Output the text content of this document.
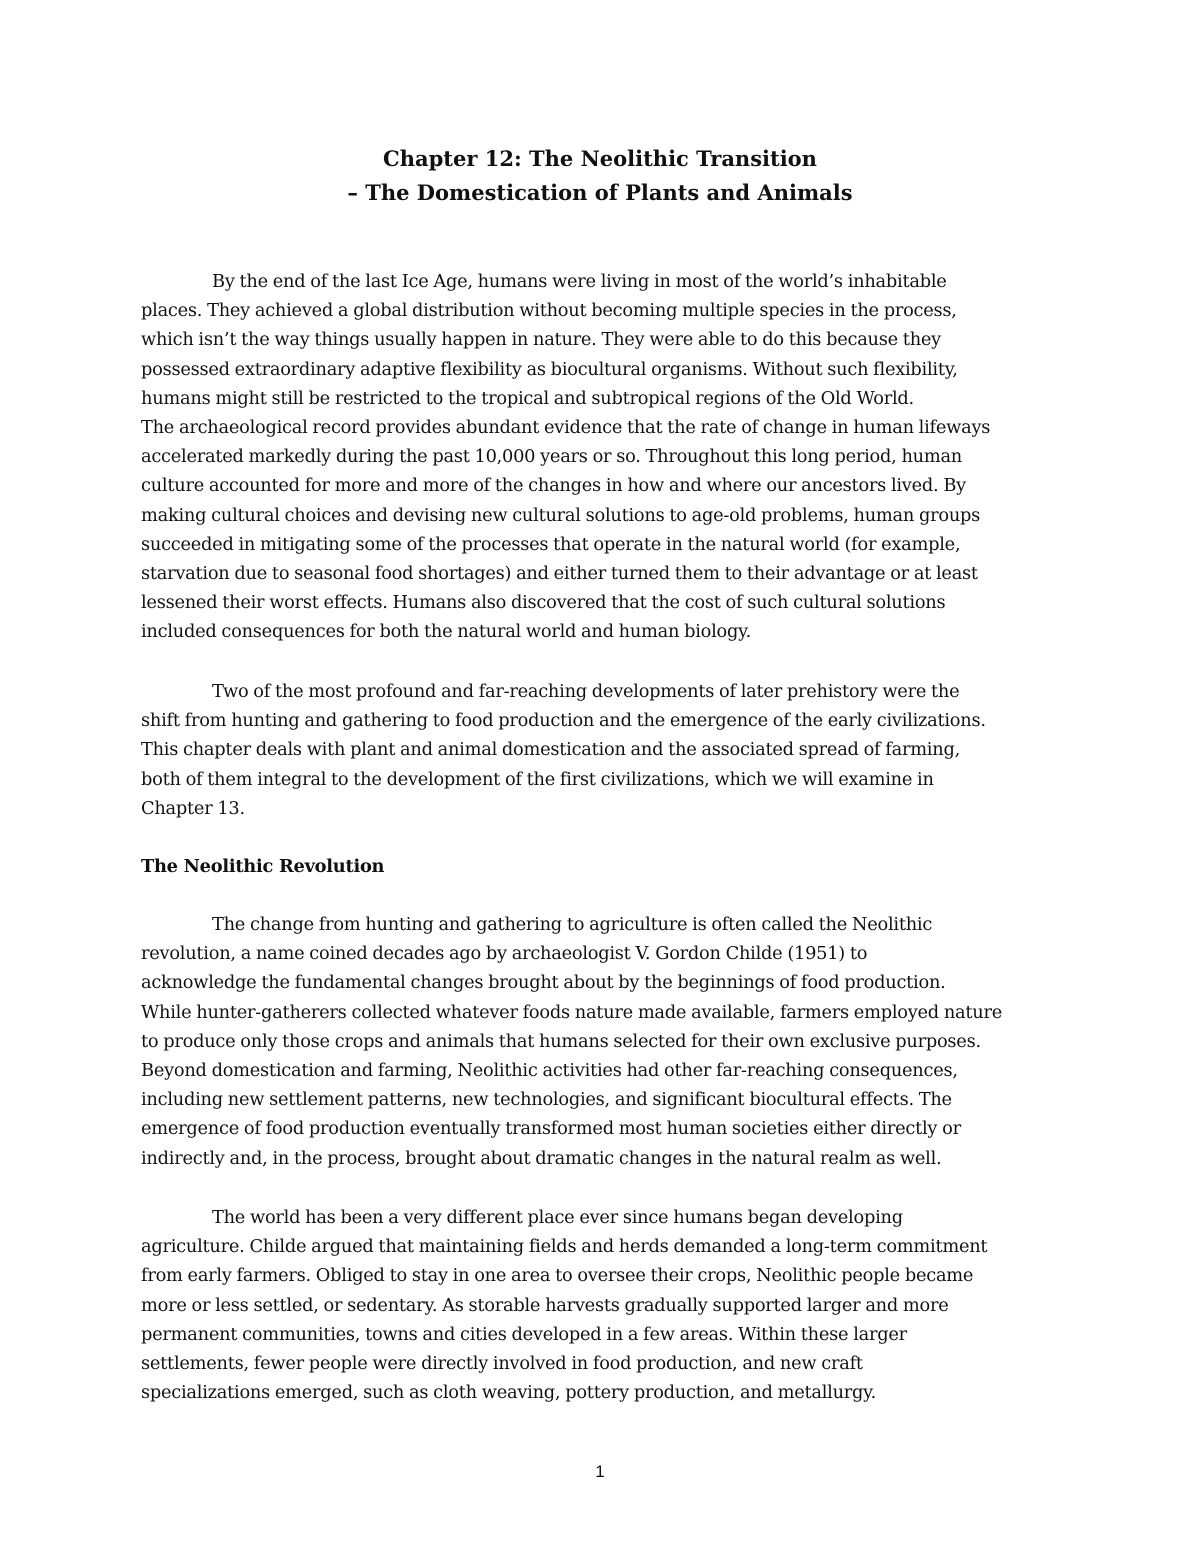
Chapter 12: The Neolithic Transition
– The Domestication of Plants and Animals
By the end of the last Ice Age, humans were living in most of the world’s inhabitable
places. They achieved a global distribution without becoming multiple species in the process,
which isn’t the way things usually happen in nature. They were able to do this because they
possessed extraordinary adaptive flexibility as biocultural organisms. Without such flexibility,
humans might still be restricted to the tropical and subtropical regions of the Old World.
The archaeological record provides abundant evidence that the rate of change in human lifeways
accelerated markedly during the past 10,000 years or so. Throughout this long period, human
culture accounted for more and more of the changes in how and where our ancestors lived. By
making cultural choices and devising new cultural solutions to age-old problems, human groups
succeeded in mitigating some of the processes that operate in the natural world (for example,
starvation due to seasonal food shortages) and either turned them to their advantage or at least
lessened their worst effects. Humans also discovered that the cost of such cultural solutions
included consequences for both the natural world and human biology.
Two of the most profound and far-reaching developments of later prehistory were the
shift from hunting and gathering to food production and the emergence of the early civilizations.
This chapter deals with plant and animal domestication and the associated spread of farming,
both of them integral to the development of the first civilizations, which we will examine in
Chapter 13.
The Neolithic Revolution
The change from hunting and gathering to agriculture is often called the Neolithic
revolution, a name coined decades ago by archaeologist V. Gordon Childe (1951) to
acknowledge the fundamental changes brought about by the beginnings of food production.
While hunter-gatherers collected whatever foods nature made available, farmers employed nature
to produce only those crops and animals that humans selected for their own exclusive purposes.
Beyond domestication and farming, Neolithic activities had other far-reaching consequences,
including new settlement patterns, new technologies, and significant biocultural effects. The
emergence of food production eventually transformed most human societies either directly or
indirectly and, in the process, brought about dramatic changes in the natural realm as well.
The world has been a very different place ever since humans began developing
agriculture. Childe argued that maintaining fields and herds demanded a long-term commitment
from early farmers. Obliged to stay in one area to oversee their crops, Neolithic people became
more or less settled, or sedentary. As storable harvests gradually supported larger and more
permanent communities, towns and cities developed in a few areas. Within these larger
settlements, fewer people were directly involved in food production, and new craft
specializations emerged, such as cloth weaving, pottery production, and metallurgy.
1
